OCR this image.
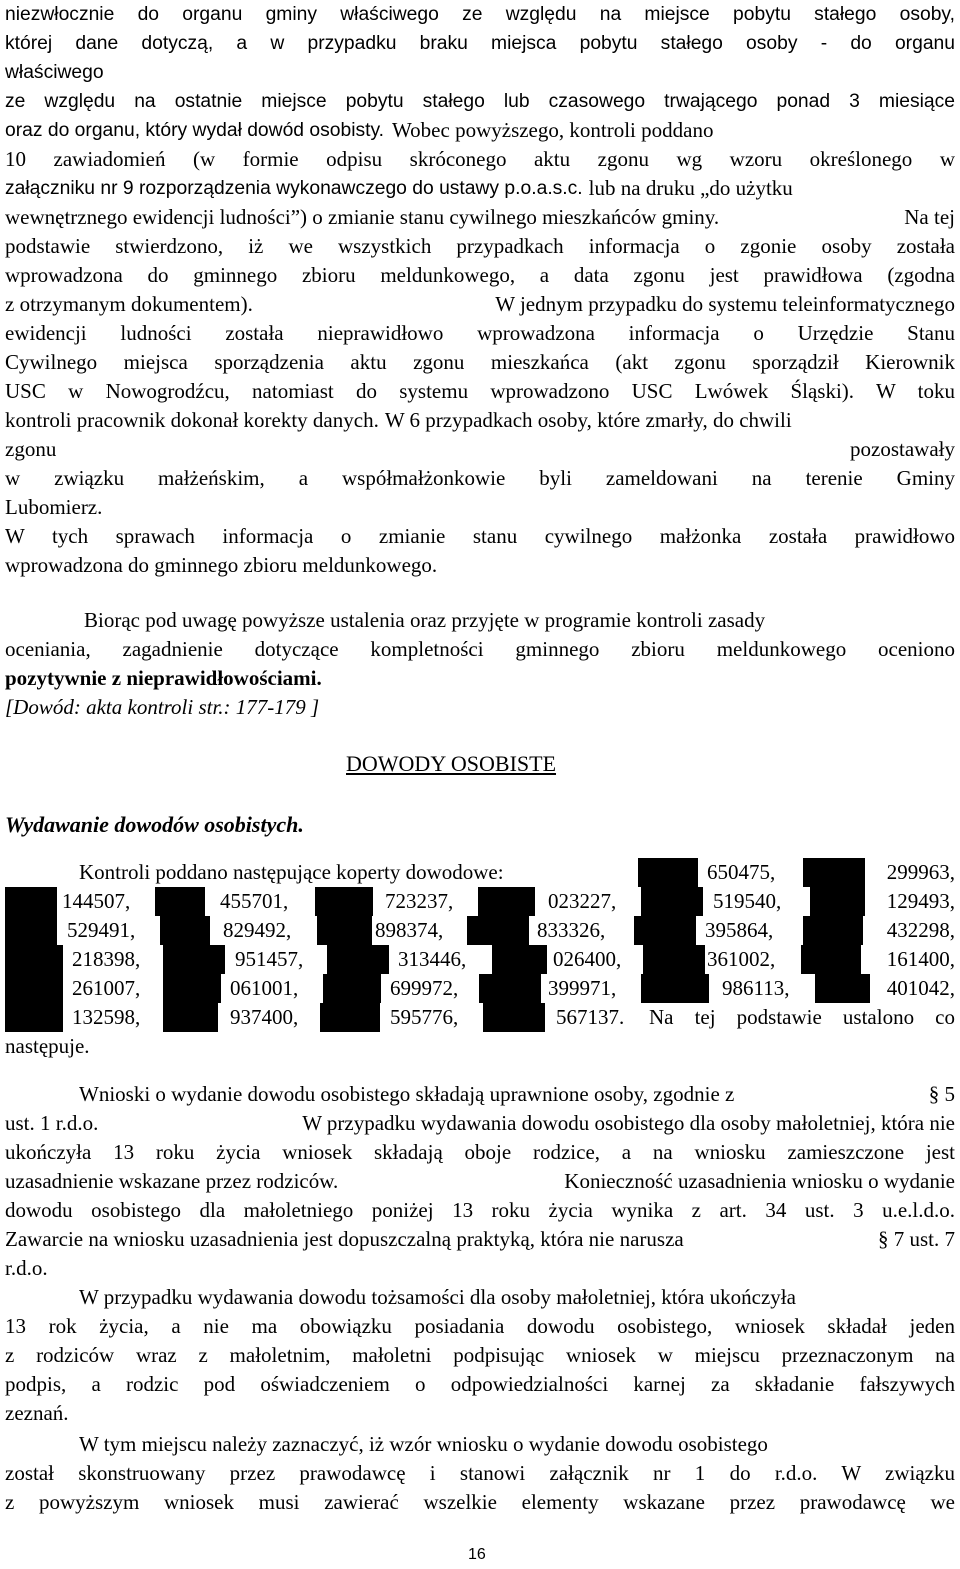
niezwłocznie do organu gminy właściwego ze względu na miejsce pobytu stałego osoby,
której dane dotyczą, a w przypadku braku miejsca pobytu stałego osoby - do organu
właściwego
ze względu na ostatnie miejsce pobytu stałego lub czasowego trwającego ponad 3 miesiące
oraz do organu, który wydał dowód osobisty. Wobec powyższego, kontroli poddano
10 zawiadomień (w formie odpisu skróconego aktu zgonu wg wzoru określonego w
załączniku nr 9 rozporządzenia wykonawczego do ustawy p.o.a.s.c. lub na druku „do użytku
wewnętrznego ewidencji ludności”) o zmianie stanu cywilnego mieszkańców gminy.	Na tej
podstawie stwierdzono, iż we wszystkich przypadkach informacja o zgonie osoby została
wprowadzona do gminnego zbioru meldunkowego, a data zgonu jest prawidłowa (zgodna
z otrzymanym dokumentem).	W jednym przypadku do systemu teleinformatycznego
ewidencji ludności została nieprawidłowo wprowadzona informacja o Urzędzie Stanu
Cywilnego miejsca sporządzenia aktu zgonu mieszkańca (akt zgonu sporządził Kierownik
USC w Nowogrodźcu, natomiast do systemu wprowadzono USC Lwówek Śląski). W toku
kontroli pracownik dokonał korekty danych. W 6 przypadkach osoby, które zmarły, do chwili
zgonu	pozostawały
w związku małżeńskim, a współmałżonkowie byli zameldowani na terenie Gminy
Lubomierz.
W tych sprawach informacja o zmianie stanu cywilnego małżonka została prawidłowo
wprowadzona do gminnego zbioru meldunkowego.
Biorąc pod uwagę powyższe ustalenia oraz przyjęte w programie kontroli zasady
oceniania, zagadnienie dotyczące kompletności gminnego zbioru meldunkowego oceniono
pozytywnie z nieprawidłowościami.
[Dowód: akta kontroli str.: 177-179 ]
DOWODY OSOBISTE
Wydawanie dowodów osobistych.
Kontroli poddano następujące koperty dowodowe:	650475,	299963,
144507,	455701,	723237,	023227,	519540,	129493,
529491,	829492,	898374,	833326,	395864,	432298,
218398,	951457,	313446,	026400,	361002,	161400,
261007,	061001,	699972,	399971,	986113,	401042,
132598,	937400,	595776,	567137. Na tej podstawie ustalono co
następuje.
Wnioski o wydanie dowodu osobistego składają uprawnione osoby, zgodnie z	§ 5
ust. 1 r.d.o.	W przypadku wydawania dowodu osobistego dla osoby małoletniej, która nie
ukończyła 13 roku życia wniosek składają oboje rodzice, a na wniosku zamieszczone jest
uzasadnienie wskazane przez rodziców.	Konieczność uzasadnienia wniosku o wydanie
dowodu osobistego dla małoletniego poniżej 13 roku życia wynika z art. 34 ust. 3 u.e.l.d.o.
Zawarcie na wniosku uzasadnienia jest dopuszczalną praktyką, która nie narusza	§ 7 ust. 7
r.d.o.
W przypadku wydawania dowodu tożsamości dla osoby małoletniej, która ukończyła
13 rok życia, a nie ma obowiązku posiadania dowodu osobistego, wniosek składał jeden
z rodziców wraz z małoletnim, małoletni podpisując wniosek w miejscu przeznaczonym na
podpis, a rodzic pod oświadczeniem o odpowiedzialności karnej za składanie fałszywych
zeznań.
W tym miejscu należy zaznaczyć, iż wzór wniosku o wydanie dowodu osobistego
został skonstruowany przez prawodawcę i stanowi załącznik nr 1 do r.d.o. W związku
z powyższym wniosek musi zawierać wszelkie elementy wskazane przez prawodawcę we
16
